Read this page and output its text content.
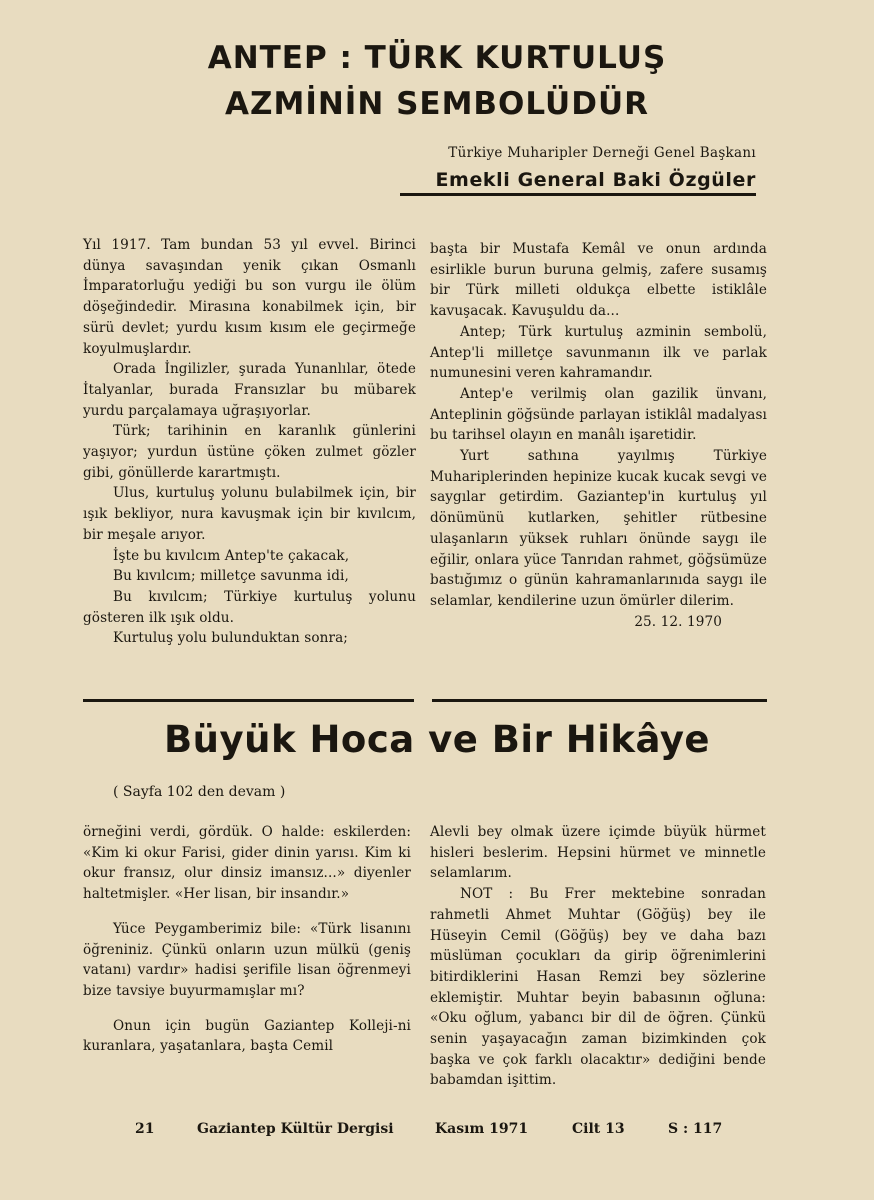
ANTEP : TÜRK KURTULUŞ
AZMİNİN SEMBOLÜDÜR
Türkiye Muharipler Derneği Genel Başkanı
Emekli General Baki Özgüler

Yıl 1917. Tam bundan 53 yıl evvel. Birinci dünya savaşından yenik çıkan Osmanlı İmparatorluğu yediği bu son vurgu ile ölüm döşeğindedir. Mirasına konabilmek için, bir sürü devlet; yurdu kısım kısım ele geçirmeğe koyulmuşlardır.

Orada İngilizler, şurada Yunanlılar, ötede İtalyanlar, burada Fransızlar bu mübarek yurdu parçalamaya uğraşıyorlar.

Türk; tarihinin en karanlık günlerini yaşıyor; yurdun üstüne çöken zulmet gözler gibi, gönüllerde karartmıştı.

Ulus, kurtuluş yolunu bulabilmek için, bir ışık bekliyor, nura kavuşmak için bir kıvılcım, bir meşale arıyor.

İşte bu kıvılcım Antep'te çakacak,

Bu kıvılcım; milletçe savunma idi,

Bu kıvılcım; Türkiye kurtuluş yolunu gösteren ilk ışık oldu.

Kurtuluş yolu bulunduktan sonra;

başta bir Mustafa Kemâl ve onun ardında esirlikle burun buruna gelmiş, zafere susamış bir Türk milleti oldukça elbette istiklâle kavuşacak. Kavuşuldu da...

Antep; Türk kurtuluş azminin sembolü, Antep'li milletçe savunmanın ilk ve parlak numunesini veren kahramandır.

Antep'e verilmiş olan gazilik ünvanı, Anteplinin göğsünde parlayan istiklâl madalyası bu tarihsel olayın en manâlı işaretidir.

Yurt sathına yayılmış Türkiye Muhariplerinden hepinize kucak kucak sevgi ve saygılar getirdim. Gaziantep'in kurtuluş yıl dönümünü kutlarken, şehitler rütbesine ulaşanların yüksek ruhları önünde saygı ile eğilir, onlara yüce Tanrıdan rahmet, göğsümüze bastığımız o günün kahramanlarınıda saygı ile selamlar, kendilerine uzun ömürler dilerim.

25. 12. 1970
Büyük Hoca ve Bir Hikâye
( Sayfa 102 den devam )

örneğini verdi, gördük. O halde: eskilerden: «Kim ki okur Farisi, gider dinin yarısı. Kim ki okur fransız, olur dinsiz imansız...» diyenler haltetmişler. «Her lisan, bir insandır.»

Yüce Peygamberimiz bile: «Türk lisanını öğreniniz. Çünkü onların uzun mülkü (geniş vatanı) vardır» hadisi şerifile lisan öğrenmeyi bize tavsiye buyurmamışlar mı?

Onun için bugün Gaziantep Kolleji-ni kuranlara, yaşatanlara, başta Cemil

Alevli bey olmak üzere içimde büyük hürmet hisleri beslerim. Hepsini hürmet ve minnetle selamlarım.

NOT : Bu Frer mektebine sonradan rahmetli Ahmet Muhtar (Göğüş) bey ile Hüseyin Cemil (Göğüş) bey ve daha bazı müslüman çocukları da girip öğrenimlerini bitirdiklerini Hasan Remzi bey sözlerine eklemiştir. Muhtar beyin babasının oğluna: «Oku oğlum, yabancı bir dil de öğren. Çünkü senin yaşayacağın zaman bizimkinden çok başka ve çok farklı olacaktır» dediğini bende babamdan işittim.

21	Gaziantep Kültür Dergisi	Kasım 1971	Cilt 13	S : 117
